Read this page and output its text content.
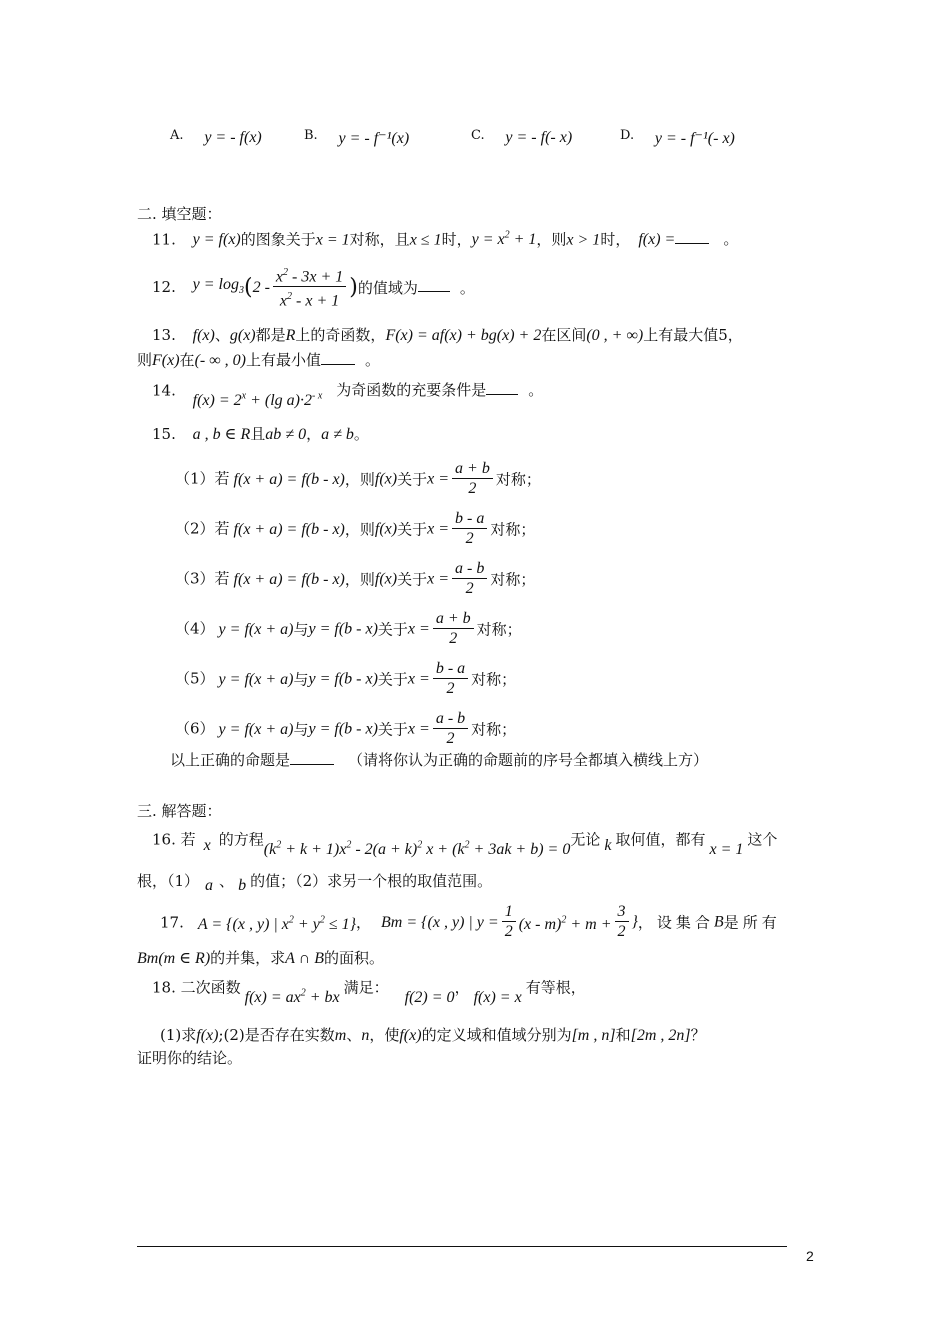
A. y = - f(x)	B. y = - f⁻¹(x)	C. y = - f(- x)	D. y = - f⁻¹(- x)
二. 填空题：
11. y = f(x)的图象关于x = 1对称，且x ≤ 1时，$y = x^2 + 1$，则x > 1时， f(x) =	。
12. $y = \log_3(2 - \frac{x^2 - 3x + 1}{x^2 - x + 1}$ )的值域为	。
13. f(x)、g(x)都是R上的奇函数，F(x) = af(x) + bg(x) + 2在区间(0 , + ∞)上有最大值5，
则F(x)在(- ∞ , 0)上有最小值	。
14. $f(x) = 2^x + (\lg$ $a)\cdot 2^{- x}$ 为奇函数的充要条件是	。
15. a , b ∈ R且ab ≠ 0，a ≠ b。
（1）若 f(x + a) = f(b - x)，则f(x)关于$x = \frac{a + b}{2}$ 对称；
（2）若 f(x + a) = f(b - x)，则f(x)关于$x = \frac{b - a}{2}$ 对称；
（3）若 f(x + a) = f(b - x)，则f(x)关于$x = \frac{a - b}{2}$ 对称；
（4） y = f(x + a)与y = f(b - x)关于$x = \frac{a + b}{2}$ 对称；
（5） y = f(x + a)与y = f(b - x)关于$x = \frac{b - a}{2}$ 对称；
（6） y = f(x + a)与y = f(b - x)关于$x = \frac{a - b}{2}$ 对称；
以上正确的命题是	（请将你认为正确的命题前的序号全都填入横线上方）
三. 解答题：
16. 若 x 的方程$(k^2 + k + 1)x^2 - 2(a + k)^2$ $x + (k^2 + 3ak + b) = 0$无论 k 取何值，都有x = 1这个
根，（1） a 、 b 的值；（2）求另一个根的取值范围。
17. A = {(x , y) | $x^2 + y^2 \le 1$}， Bm = {(x , y) | $y = \frac{1}{2} (x - m)^2 + m + \frac{3}{2}$ }，设集合B是所有
Bm(m ∈ R)的并集，求A ∩ B的面积。
18. 二次函数$f(x) = ax^2$ + bx满足：f(2) = 0，f(x) = x有等根，
(1)求f(x);(2)是否存在实数m、n，使f(x)的定义域和值域分别为[m , n]和[2m , 2n]？
证明你的结论。
2
